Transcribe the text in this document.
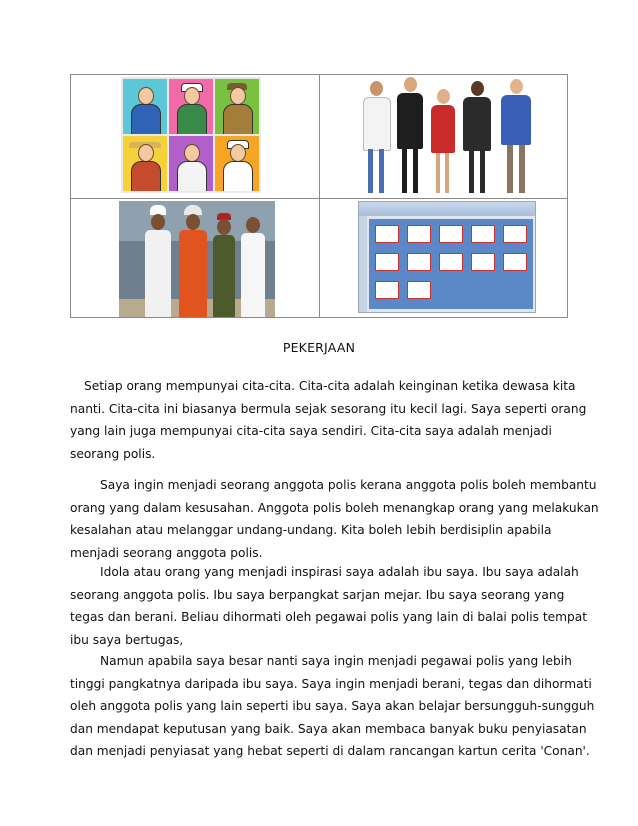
PEKERJAAN

Setiap orang mempunyai cita-cita. Cita-cita adalah keinginan ketika dewasa kita
nanti. Cita-cita ini biasanya bermula sejak sesorang itu kecil lagi. Saya seperti orang
yang lain juga mempunyai cita-cita saya sendiri. Cita-cita saya adalah menjadi
seorang polis.

Saya ingin menjadi seorang anggota polis kerana anggota polis boleh membantu
orang yang dalam kesusahan. Anggota polis boleh menangkap orang yang melakukan
kesalahan atau melanggar undang-undang. Kita boleh lebih berdisiplin apabila
menjadi seorang anggota polis.

Idola atau orang yang menjadi inspirasi saya adalah ibu saya. Ibu saya adalah
seorang anggota polis. Ibu saya berpangkat sarjan mejar. Ibu saya seorang yang
tegas dan berani. Beliau dihormati oleh pegawai polis yang lain di balai polis tempat
ibu saya bertugas,

Namun apabila saya besar nanti saya ingin menjadi pegawai polis yang lebih
tinggi pangkatnya daripada ibu saya. Saya ingin menjadi berani, tegas dan dihormati
oleh anggota polis yang lain seperti ibu saya. Saya akan belajar bersungguh-sungguh
dan mendapat keputusan yang baik. Saya akan membaca banyak buku penyiasatan
dan menjadi penyiasat yang hebat seperti di dalam rancangan kartun cerita 'Conan'.
